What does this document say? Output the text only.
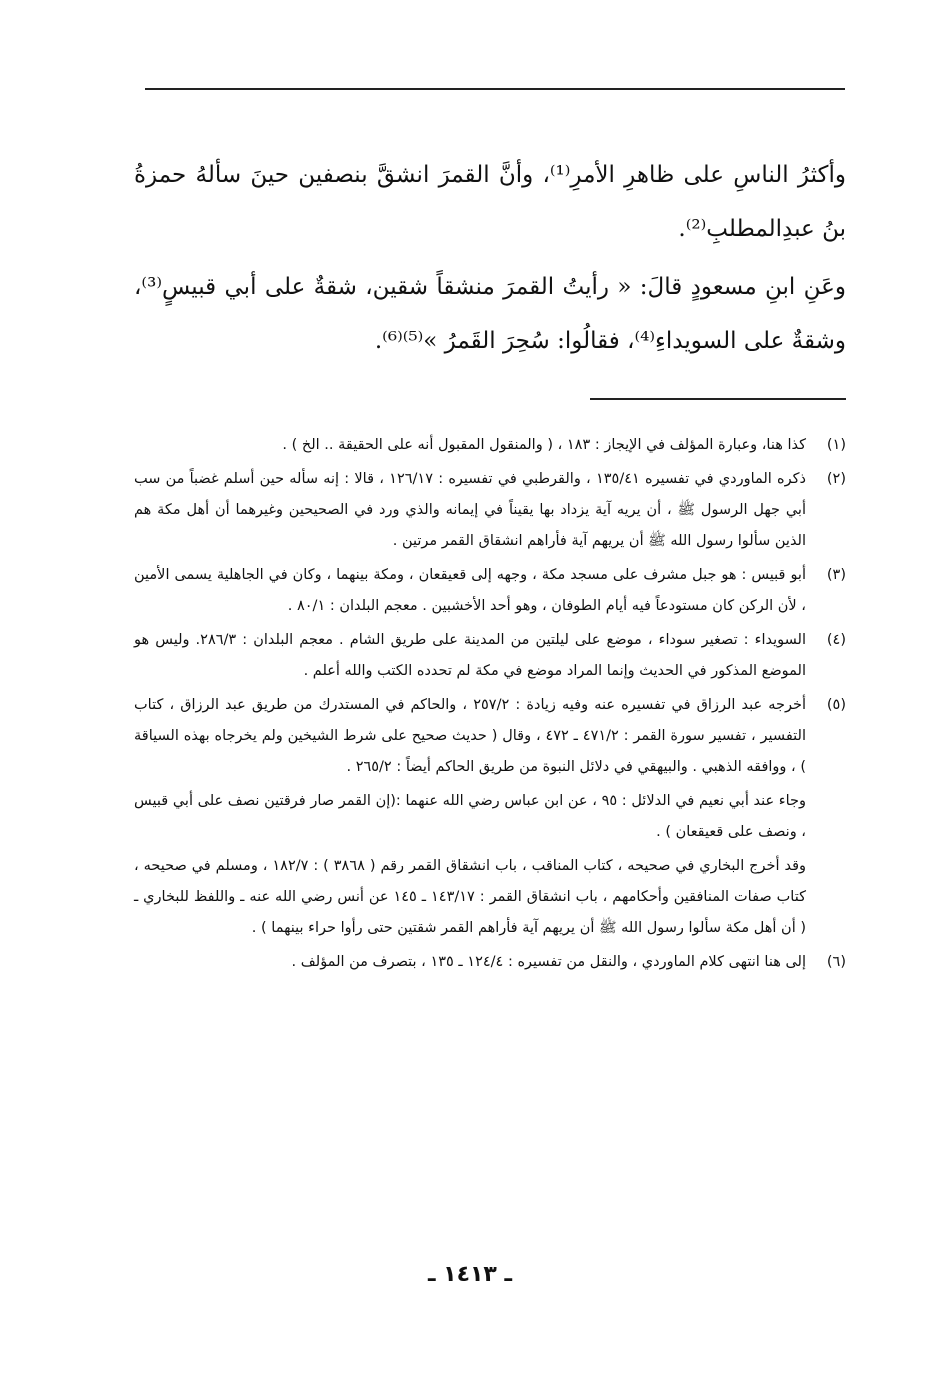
وأكثرُ الناسِ على ظاهرِ الأمرِ⁽¹⁾، وأنَّ القمرَ انشقَّ بنصفين حينَ سألهُ حمزةُ بنُ عبدِالمطلبِ⁽²⁾.

وعَنِ ابنِ مسعودٍ قالَ: « رأيتُ القمرَ منشقاً شقين، شقةٌ على أبي قبيسٍ⁽³⁾، وشقةٌ على السويداءِ⁽⁴⁾، فقالُوا: سُحِرَ القَمرُ »⁽⁵⁾⁽⁶⁾.

(١)
كذا هنا، وعبارة المؤلف في الإيجاز : ١٨٣ ، ( والمنقول المقبول أنه على الحقيقة .. الخ ) .
(٢)
ذكره الماوردي في تفسيره ١٣٥/٤١ ، والقرطبي في تفسيره : ١٢٦/١٧ ، قالا : إنه سأله حين أسلم غضباً من سب أبي جهل الرسول ﷺ ، أن يريه آية يزداد بها يقيناً في إيمانه والذي ورد في الصحيحين وغيرهما أن أهل مكة هم الذين سألوا رسول الله ﷺ أن يريهم آية فأراهم انشقاق القمر مرتين .
(٣)
أبو قبيس : هو جبل مشرف على مسجد مكة ، وجهه إلى قعيقعان ، ومكة بينهما ، وكان في الجاهلية يسمى الأمين ، لأن الركن كان مستودعاً فيه أيام الطوفان ، وهو أحد الأخشبين . معجم البلدان : ٨٠/١ .
(٤)
السويداء : تصغير سوداء ، موضع على ليلتين من المدينة على طريق الشام . معجم البلدان : ٢٨٦/٣. وليس هو الموضع المذكور في الحديث وإنما المراد موضع في مكة لم تحدده الكتب والله أعلم .
(٥)
أخرجه عبد الرزاق في تفسيره عنه وفيه زيادة : ٢٥٧/٢ ، والحاكم في المستدرك من طريق عبد الرزاق ، كتاب التفسير ، تفسير سورة القمر : ٤٧١/٢ ـ ٤٧٢ ، وقال ( حديث صحيح على شرط الشيخين ولم يخرجاه بهذه السياقة ) ، ووافقه الذهبي . والبيهقي في دلائل النبوة من طريق الحاكم أيضاً : ٢٦٥/٢ .
وجاء عند أبي نعيم في الدلائل : ٩٥ ، عن ابن عباس رضي الله عنهما :(إن القمر صار فرقتين نصف على أبي قبيس ، ونصف على قعيقعان ) .
وقد أخرج البخاري في صحيحه ، كتاب المناقب ، باب انشقاق القمر رقم ( ٣٨٦٨ ) : ١٨٢/٧ ، ومسلم في صحيحه ، كتاب صفات المنافقين وأحكامهم ، باب انشقاق القمر : ١٤٣/١٧ ـ ١٤٥ عن أنس رضي الله عنه ـ واللفظ للبخاري ـ ( أن أهل مكة سألوا رسول الله ﷺ أن يريهم آية فأراهم القمر شقتين حتى رأوا حراء بينهما ) .
(٦)
إلى هنا انتهى كلام الماوردي ، والنقل من تفسيره : ١٢٤/٤ ـ ١٣٥ ، بتصرف من المؤلف .
ـ ١٤١٣ ـ
